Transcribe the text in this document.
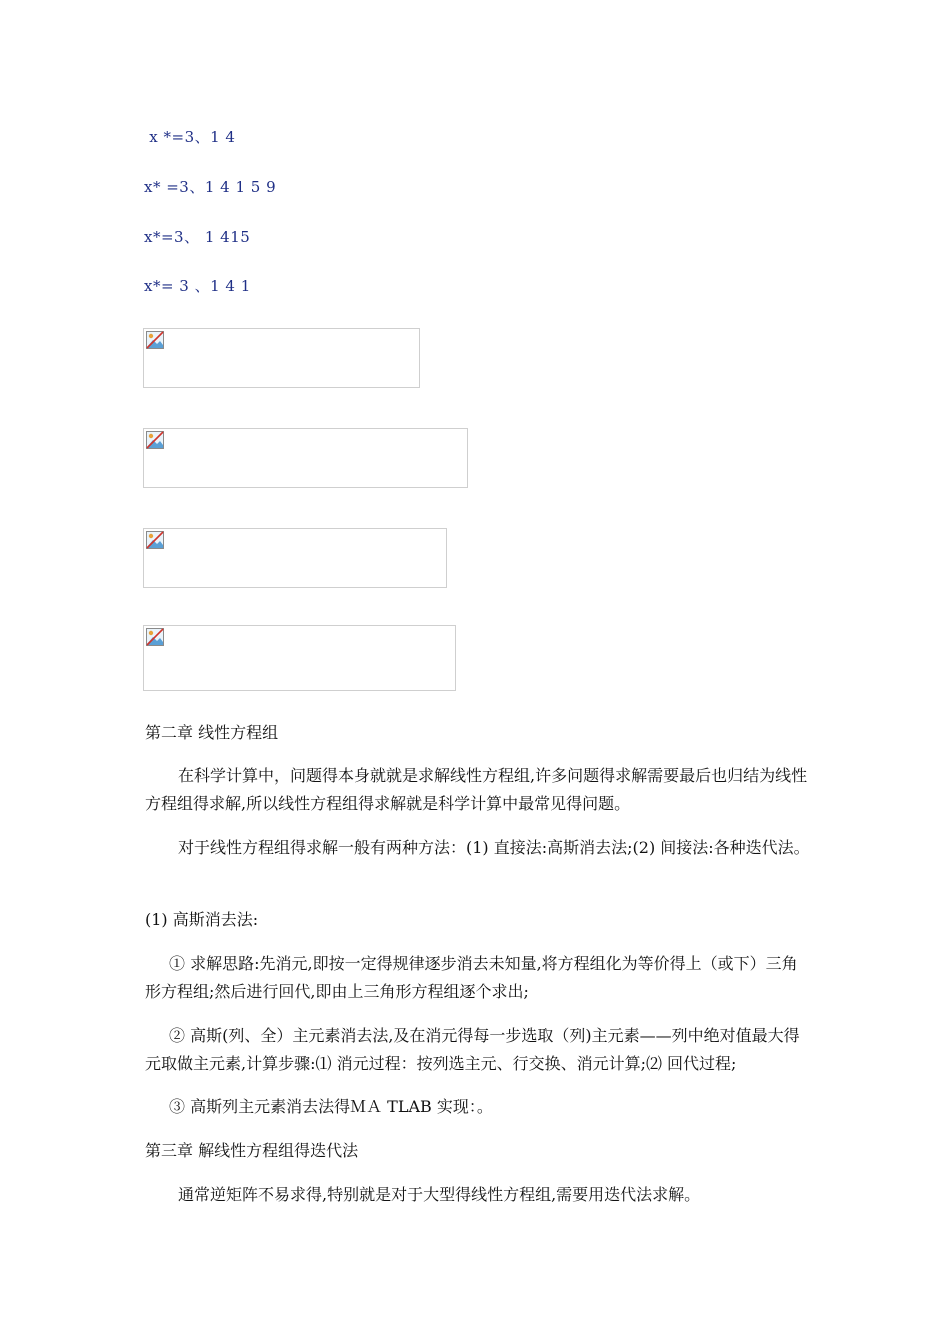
x *=3、1 4
x* =3、1 4 1 5 9
x*=3、 1 415
x*= 3 、1 4 1
第二章 线性方程组

在科学计算中，问题得本身就就是求解线性方程组,许多问题得求解需要最后也归结为线性方程组得求解,所以线性方程组得求解就是科学计算中最常见得问题。

对于线性方程组得求解一般有两种方法：(1) 直接法:高斯消去法;(2) 间接法:各种迭代法。

(1) 高斯消去法:

① 求解思路:先消元,即按一定得规律逐步消去未知量,将方程组化为等价得上（或下）三角形方程组;然后进行回代,即由上三角形方程组逐个求出;

② 高斯(列、全）主元素消去法,及在消元得每一步选取（列)主元素——列中绝对值最大得元取做主元素,计算步骤:⑴ 消元过程：按列选主元、行交换、消元计算;⑵ 回代过程;

③ 高斯列主元素消去法得ＭＡ TLAB 实现：。

第三章 解线性方程组得迭代法

通常逆矩阵不易求得,特别就是对于大型得线性方程组,需要用迭代法求解。
